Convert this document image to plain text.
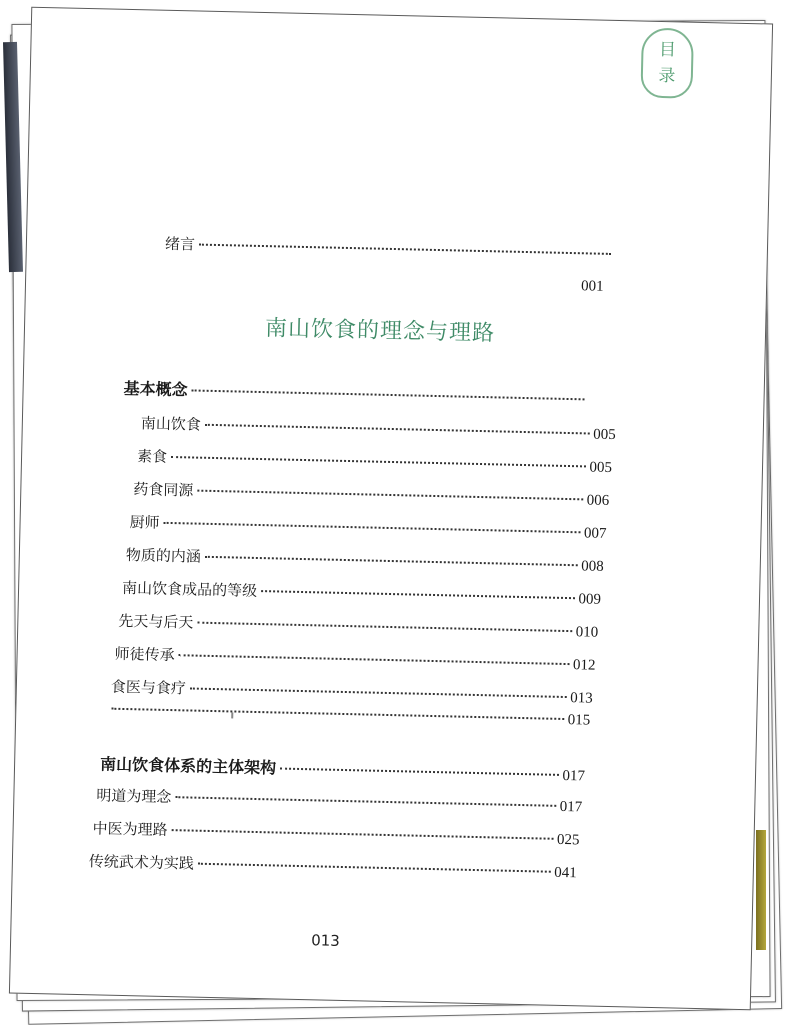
目
录
绪言
001
南山饮食的理念与理路
基本概念
南山饮食
005
素食
005
药食同源
006
厨师
007
物质的内涵
008
南山饮食成品的等级	009
先天与后天
010
师徒传承
012
食医与食疗
013
015
南山饮食体系的主体架构	017
明道为理念
017
中医为理路
025
传统武术为实践
041
013
